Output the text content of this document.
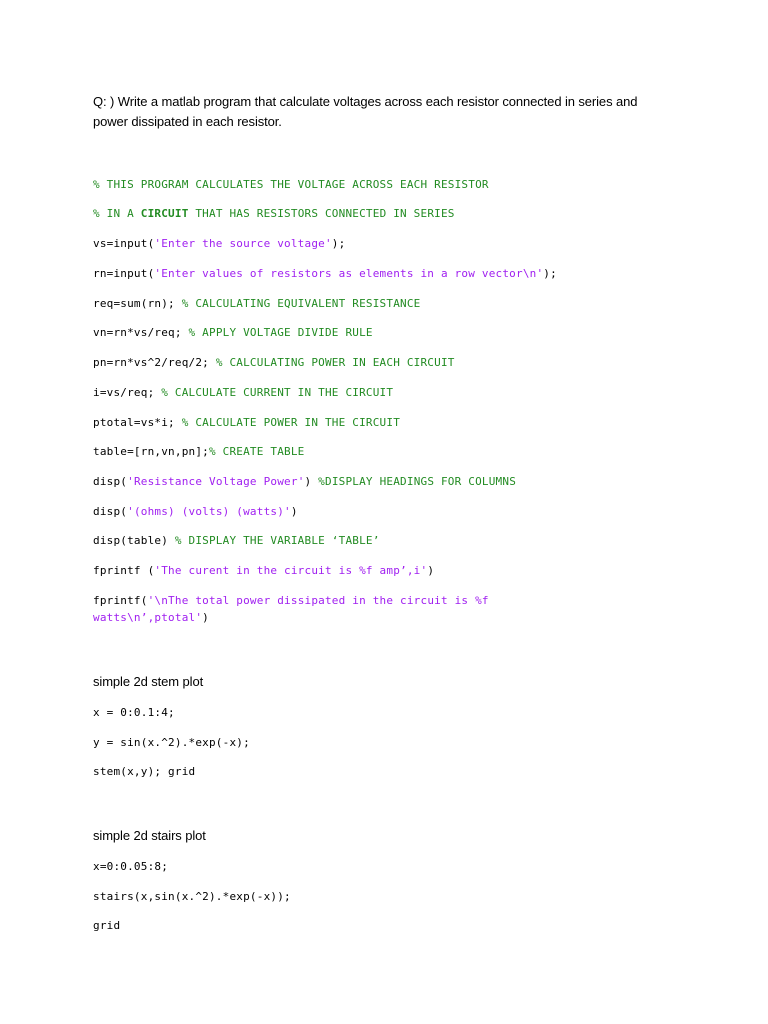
Q: ) Write a matlab program that calculate voltages across each resistor connected in series and
power dissipated in each resistor.
% THIS PROGRAM CALCULATES THE VOLTAGE ACROSS EACH RESISTOR
% IN A CIRCUIT THAT HAS RESISTORS CONNECTED IN SERIES
vs=input('Enter the source voltage');
rn=input('Enter values of resistors as elements in a row vector\n');
req=sum(rn); % CALCULATING EQUIVALENT RESISTANCE
vn=rn*vs/req; % APPLY VOLTAGE DIVIDE RULE
pn=rn*vs^2/req/2; % CALCULATING POWER IN EACH CIRCUIT
i=vs/req; % CALCULATE CURRENT IN THE CIRCUIT
ptotal=vs*i; % CALCULATE POWER IN THE CIRCUIT
table=[rn,vn,pn];% CREATE TABLE
disp('Resistance Voltage Power') %DISPLAY HEADINGS FOR COLUMNS
disp('(ohms) (volts) (watts)')
disp(table) % DISPLAY THE VARIABLE ‘TABLE’
fprintf ('The curent in the circuit is %f amp’,i')
fprintf('\nThe total power dissipated in the circuit is %f
watts\n’,ptotal')
simple 2d stem plot
x = 0:0.1:4;
y = sin(x.^2).*exp(-x);
stem(x,y); grid
simple 2d stairs plot
x=0:0.05:8;
stairs(x,sin(x.^2).*exp(-x));
grid
